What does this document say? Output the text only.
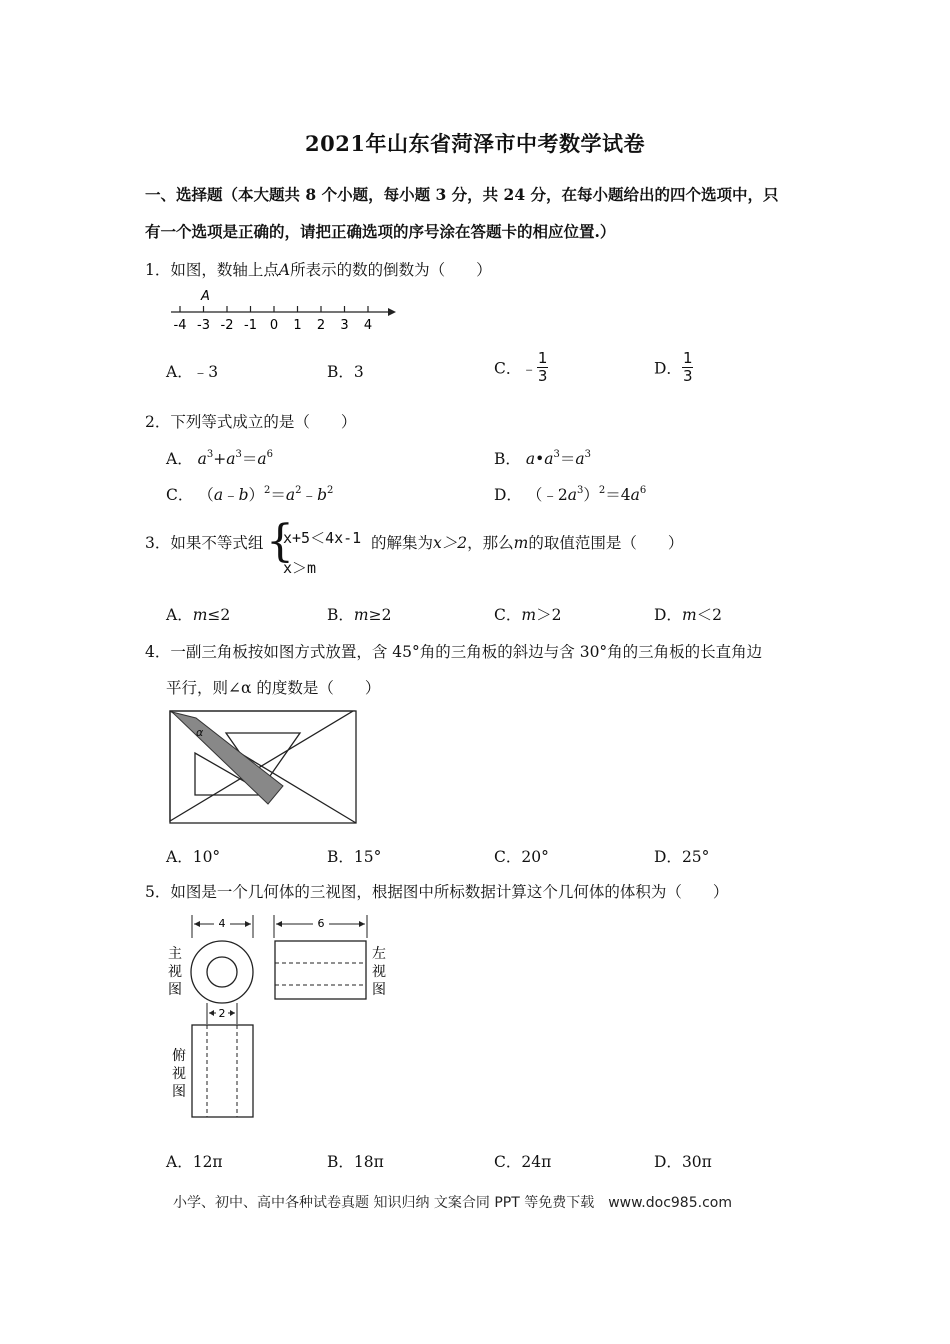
2021年山东省菏泽市中考数学试卷
一、选择题（本大题共 8 个小题，每小题 3 分，共 24 分，在每小题给出的四个选项中，只
有一个选项是正确的，请把正确选项的序号涂在答题卡的相应位置.）
1．如图，数轴上点A所表示的数的倒数为（　　）
-4 -3 -2 -1 0 1 2 3 4
A
A．﹣3	B．3	C．﹣ $\frac{1}{3}$	D． $\frac{1}{3}$
2．下列等式成立的是（　　）
A． $a^3+a^3=a^6$	B． $a•a^3=a^3$
C． $(a﹣b)^2=a^2﹣b^2$	D． $(﹣2a^3)^2=4a^6$
3．如果不等式组 {
x+5＜4x-1
x＞m
的解集为x＞2，那么m的取值范围是（　　）
A．m≤2	B．m≥2	C．m＞2	D．m＜2
4．一副三角板按如图方式放置，含 45°角的三角板的斜边与含 30°角的三角板的长直角边
平行，则∠α 的度数是（　　）
α
A．10°	B．15°	C．20°	D．25°
5．如图是一个几何体的三视图，根据图中所标数据计算这个几何体的体积为（　　）
4
主视图
6
左视图
2
俯视图
A．12π	B．18π	C．24π	D．30π
小学、初中、高中各种试卷真题 知识归纳 文案合同 PPT 等免费下载　www.doc985.com
